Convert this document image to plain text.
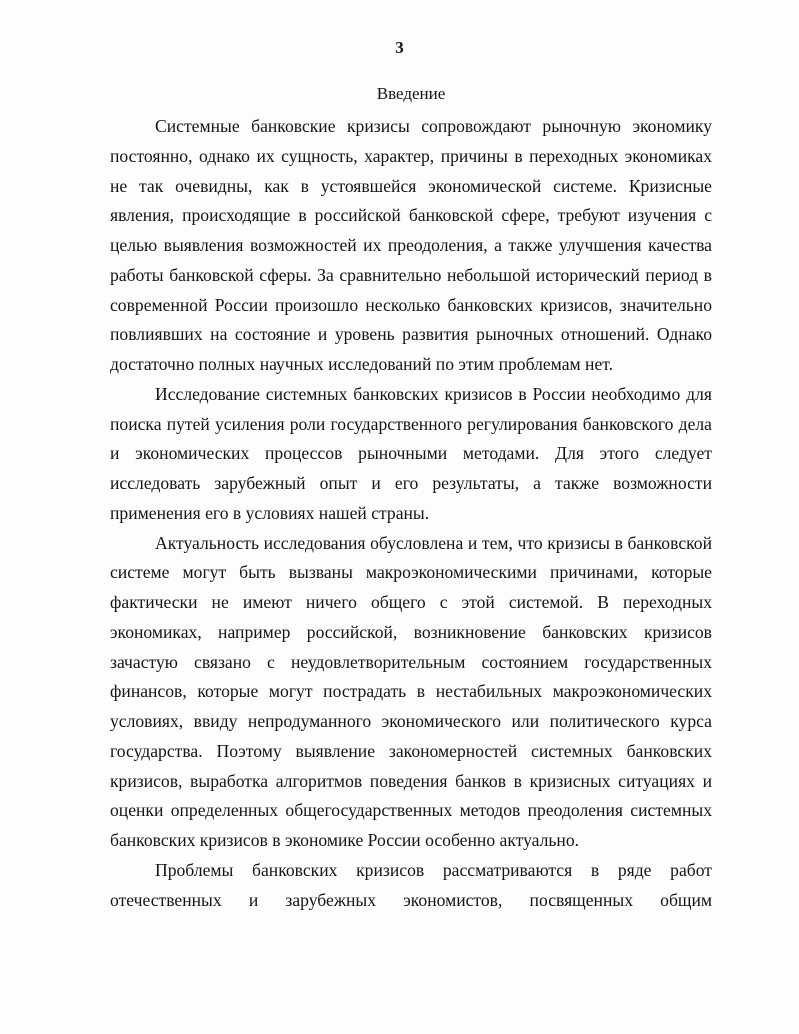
3
Введение

Системные банковские кризисы сопровождают рыночную экономику постоянно, однако их сущность, характер, причины в переходных экономиках не так очевидны, как в устоявшейся экономической системе. Кризисные явления, происходящие в российской банковской сфере, требуют изучения с целью выявления возможностей их преодоления, а также улучшения качества работы банковской сферы. За сравнительно небольшой исторический период в современной России произошло несколько банковских кризисов, значительно повлиявших на состояние и уровень развития рыночных отношений. Однако достаточно полных научных исследований по этим проблемам нет.

Исследование системных банковских кризисов в России необходимо для поиска путей усиления роли государственного регулирования банковского дела и экономических процессов рыночными методами. Для этого следует исследовать зарубежный опыт и его результаты, а также возможности применения его в условиях нашей страны.

Актуальность исследования обусловлена и тем, что кризисы в банковской системе могут быть вызваны макроэкономическими причинами, которые фактически не имеют ничего общего с этой системой. В переходных экономиках, например российской, возникновение банковских кризисов зачастую связано с неудовлетворительным состоянием государственных финансов, которые могут пострадать в нестабильных макроэкономических условиях, ввиду непродуманного экономического или политического курса государства. Поэтому выявление закономерностей системных банковских кризисов, выработка алгоритмов поведения банков в кризисных ситуациях и оценки определенных общегосударственных методов преодоления системных банковских кризисов в экономике России особенно актуально.

Проблемы банковских кризисов рассматриваются в ряде работ отечественных и зарубежных экономистов, посвященных общим
